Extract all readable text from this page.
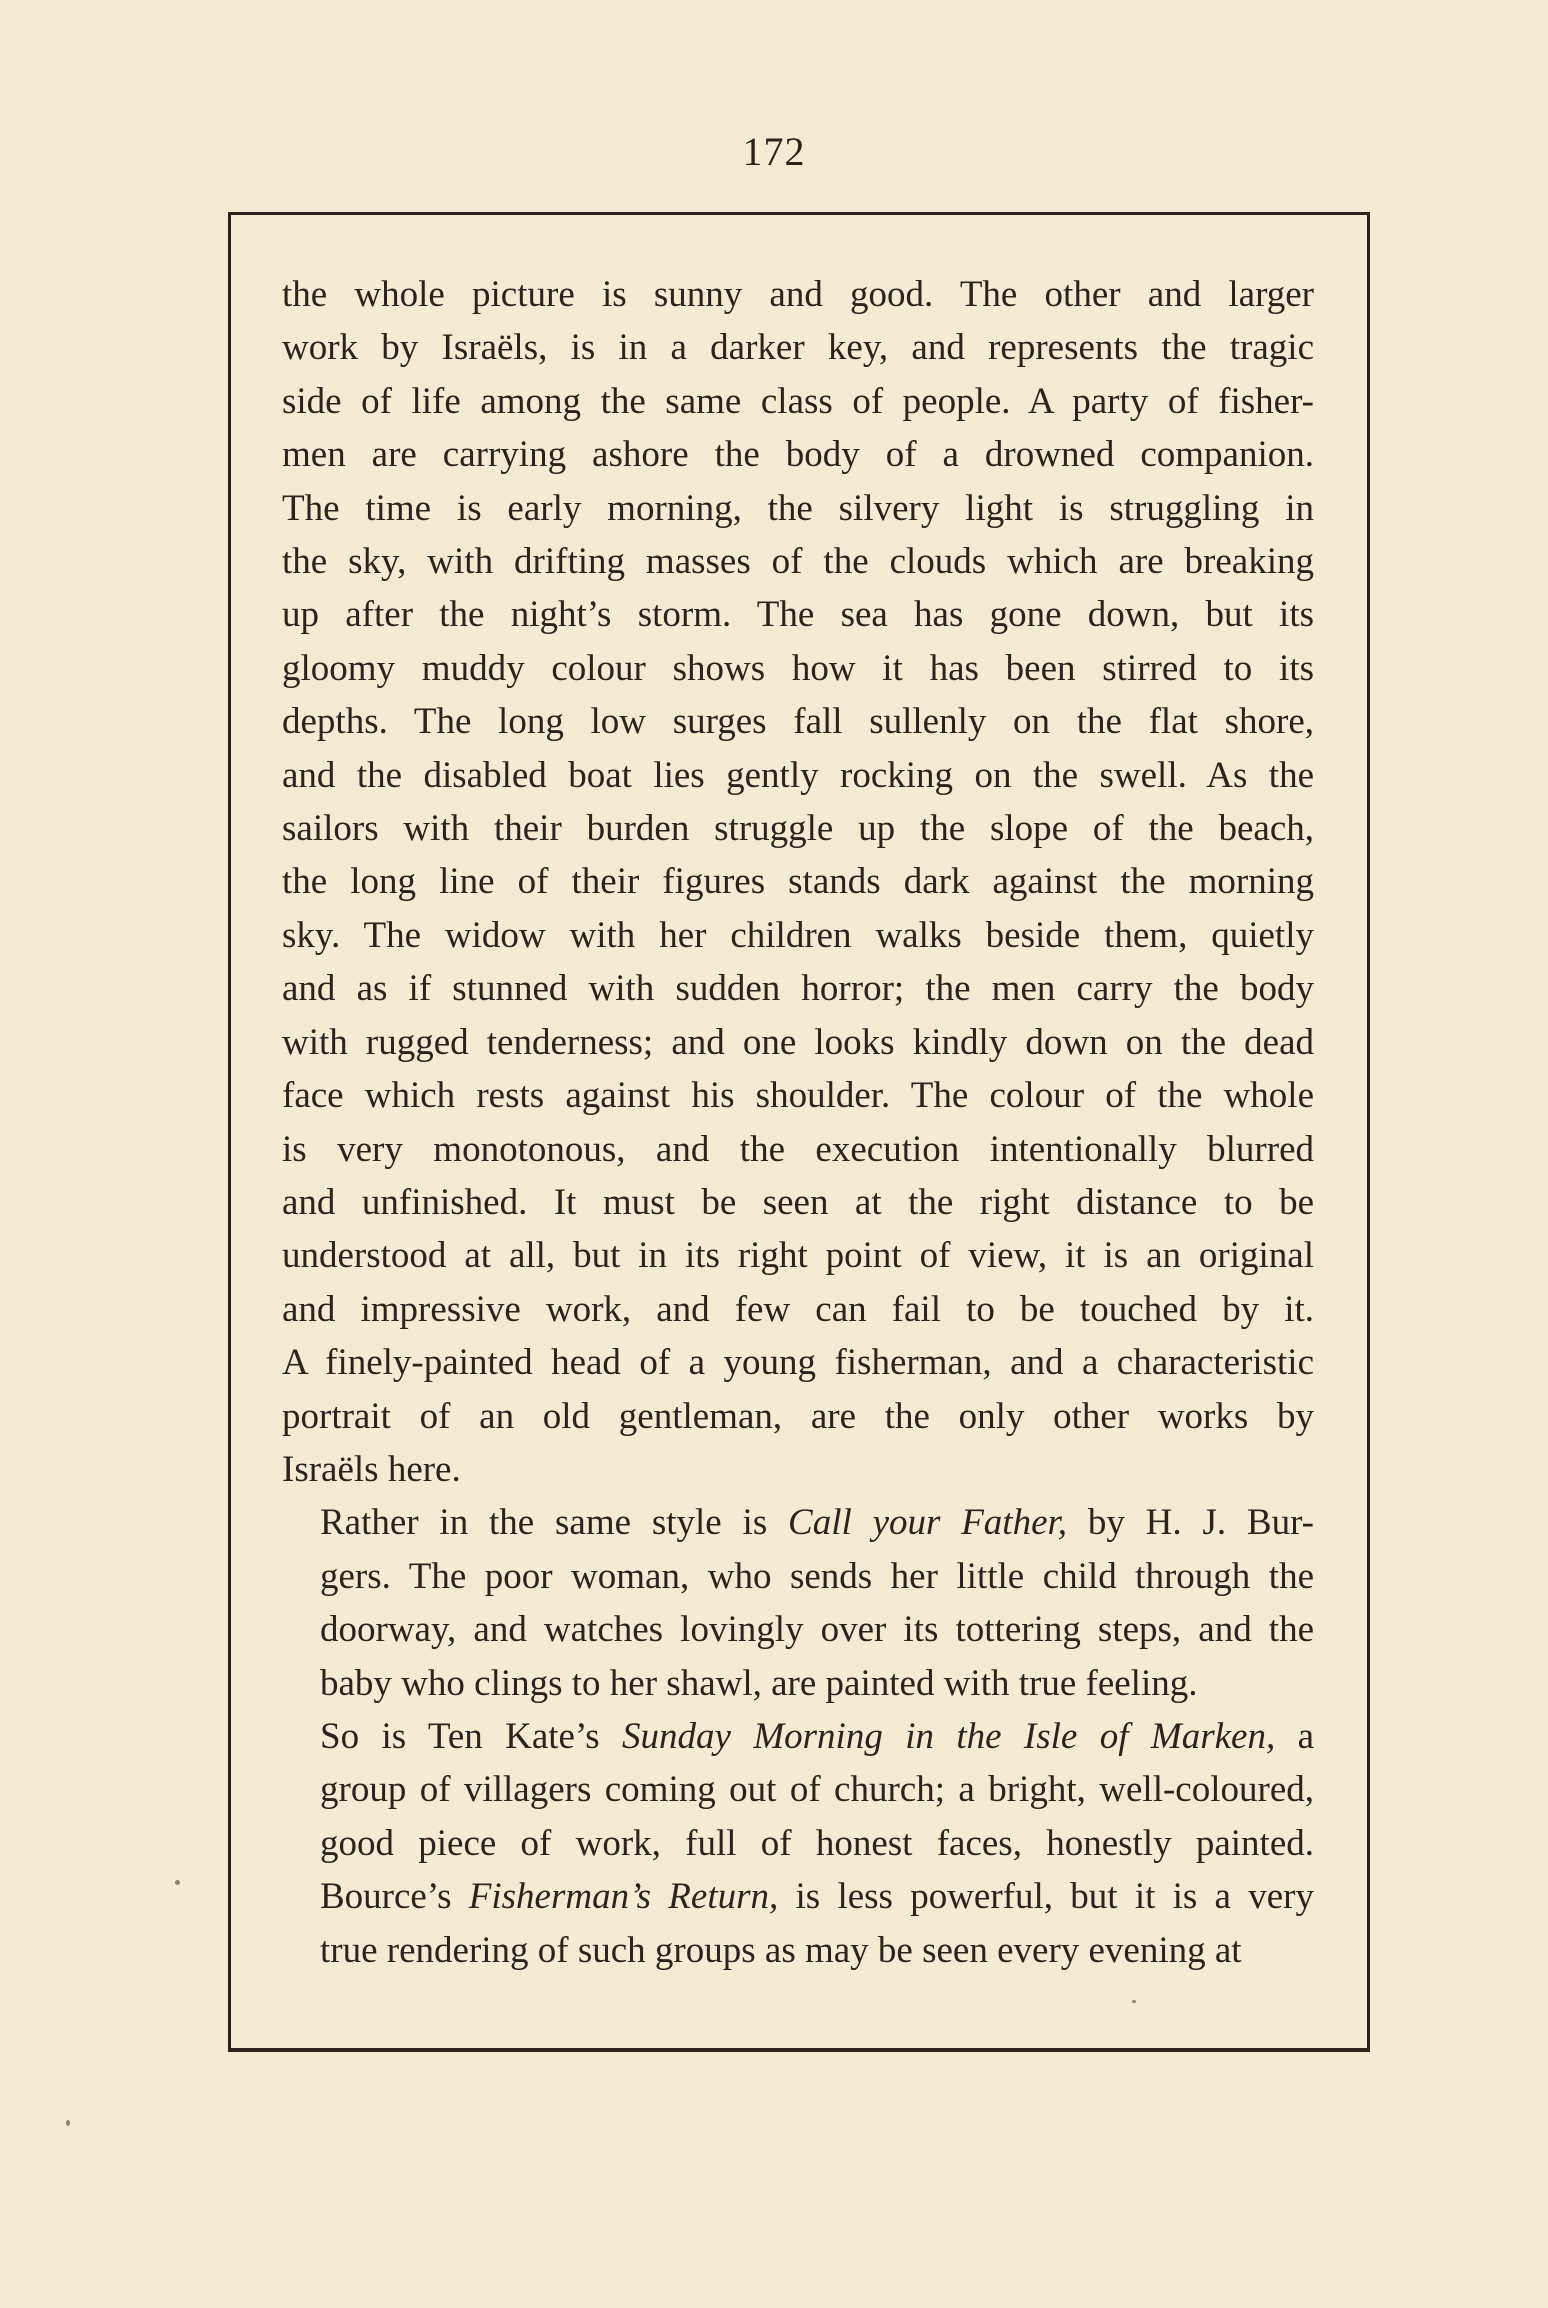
172

the whole picture is sunny and good. The other and larger
work by Israëls, is in a darker key, and represents the tragic
side of life among the same class of people. A party of fisher-
men are carrying ashore the body of a drowned companion.
The time is early morning, the silvery light is struggling in
the sky, with drifting masses of the clouds which are breaking
up after the night’s storm. The sea has gone down, but its
gloomy muddy colour shows how it has been stirred to its
depths. The long low surges fall sullenly on the flat shore,
and the disabled boat lies gently rocking on the swell. As the
sailors with their burden struggle up the slope of the beach,
the long line of their figures stands dark against the morning
sky. The widow with her children walks beside them, quietly
and as if stunned with sudden horror; the men carry the body
with rugged tenderness; and one looks kindly down on the dead
face which rests against his shoulder. The colour of the whole
is very monotonous, and the execution intentionally blurred
and unfinished. It must be seen at the right distance to be
understood at all, but in its right point of view, it is an original
and impressive work, and few can fail to be touched by it.
A finely-painted head of a young fisherman, and a characteristic
portrait of an old gentleman, are the only other works by
Israëls here.

Rather in the same style is Call your Father, by H. J. Bur-
gers. The poor woman, who sends her little child through the
doorway, and watches lovingly over its tottering steps, and the
baby who clings to her shawl, are painted with true feeling.

So is Ten Kate’s Sunday Morning in the Isle of Marken, a
group of villagers coming out of church; a bright, well-coloured,
good piece of work, full of honest faces, honestly painted.
Bource’s Fisherman’s Return, is less powerful, but it is a very
true rendering of such groups as may be seen every evening at
